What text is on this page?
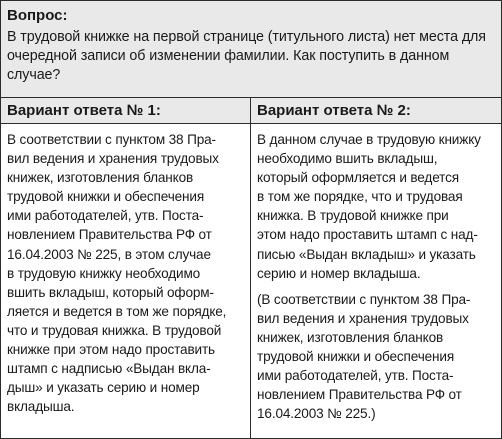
Вопрос:
В трудовой книжке на первой странице (титульного листа) нет места для очередной записи об изменении фамилии. Как поступить в данном случае?
Вариант ответа № 1:

В соответствии с пунктом 38 Пра-
вил ведения и хранения трудовых
книжек, изготовления бланков
трудовой книжки и обеспечения
ими работодателей, утв. Поста-
новлением Правительства РФ от
16.04.2003 № 225, в этом случае
в трудовую книжку необходимо
вшить вкладыш, который оформ-
ляется и ведется в том же порядке,
что и трудовая книжка. В трудовой
книжке при этом надо проставить
штамп с надписью «Выдан вкла-
дыш» и указать серию и номер
вкладыша.

Вариант ответа № 2:

В данном случае в трудовую книжку
необходимо вшить вкладыш,
который оформляется и ведется
в том же порядке, что и трудовая
книжка. В трудовой книжке при
этом надо проставить штамп с над-
писью «Выдан вкладыш» и указать
серию и номер вкладыша.

(В соответствии с пунктом 38 Пра-
вил ведения и хранения трудовых
книжек, изготовления бланков
трудовой книжки и обеспечения
ими работодателей, утв. Поста-
новлением Правительства РФ от
16.04.2003 № 225.)
